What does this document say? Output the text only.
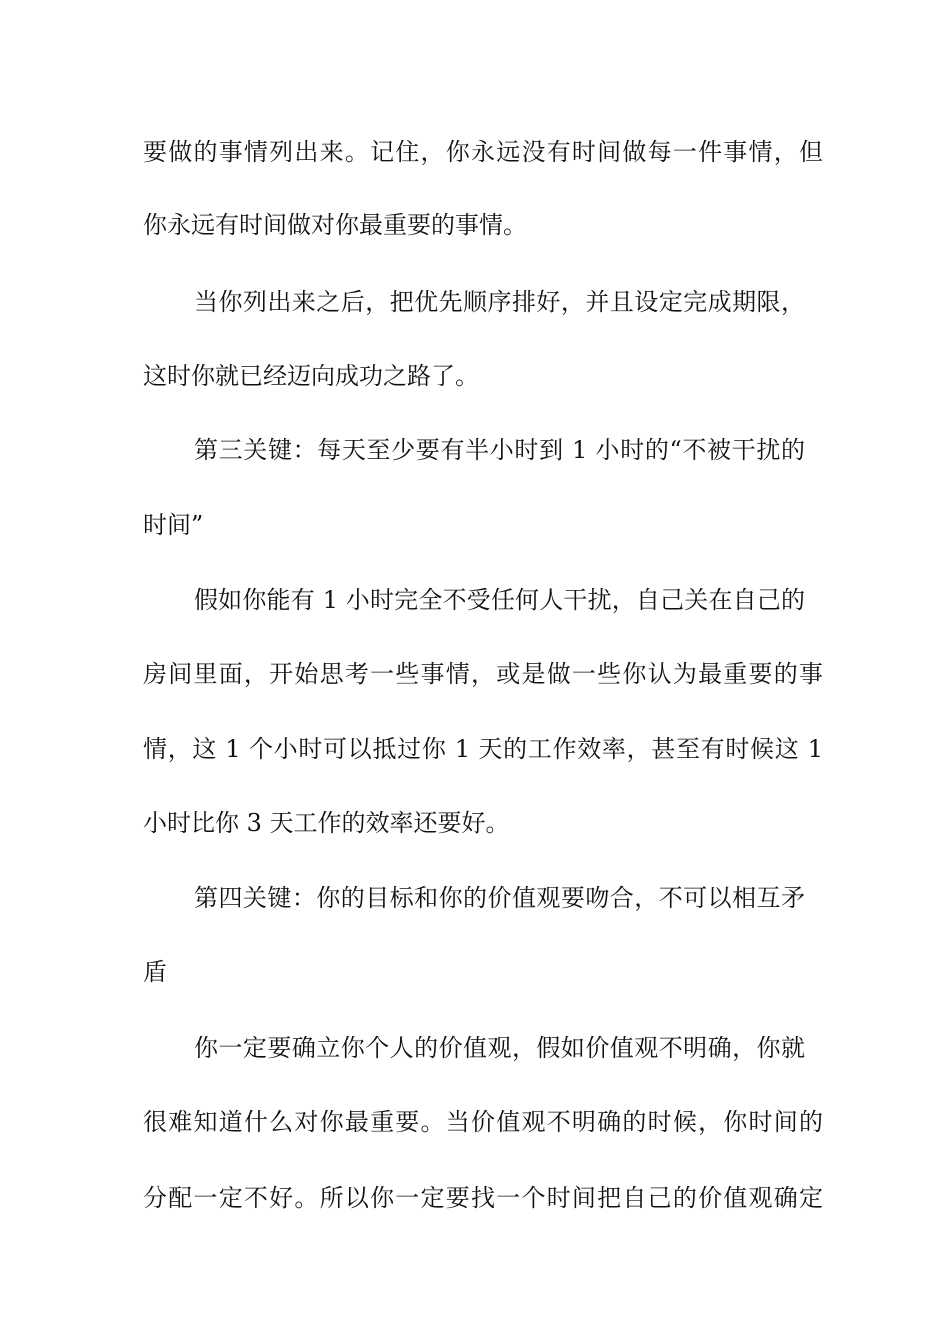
要做的事情列出来。记住，你永远没有时间做每一件事情，但
你永远有时间做对你最重要的事情。
当你列出来之后，把优先顺序排好，并且设定完成期限，
这时你就已经迈向成功之路了。
第三关键：每天至少要有半小时到 1 小时的“不被干扰的
时间”
假如你能有 1 小时完全不受任何人干扰，自己关在自己的
房间里面，开始思考一些事情，或是做一些你认为最重要的事
情，这 1 个小时可以抵过你 1 天的工作效率，甚至有时候这 1
小时比你 3 天工作的效率还要好。
第四关键：你的目标和你的价值观要吻合，不可以相互矛
盾
你一定要确立你个人的价值观，假如价值观不明确，你就
很难知道什么对你最重要。当价值观不明确的时候，你时间的
分配一定不好。所以你一定要找一个时间把自己的价值观确定
